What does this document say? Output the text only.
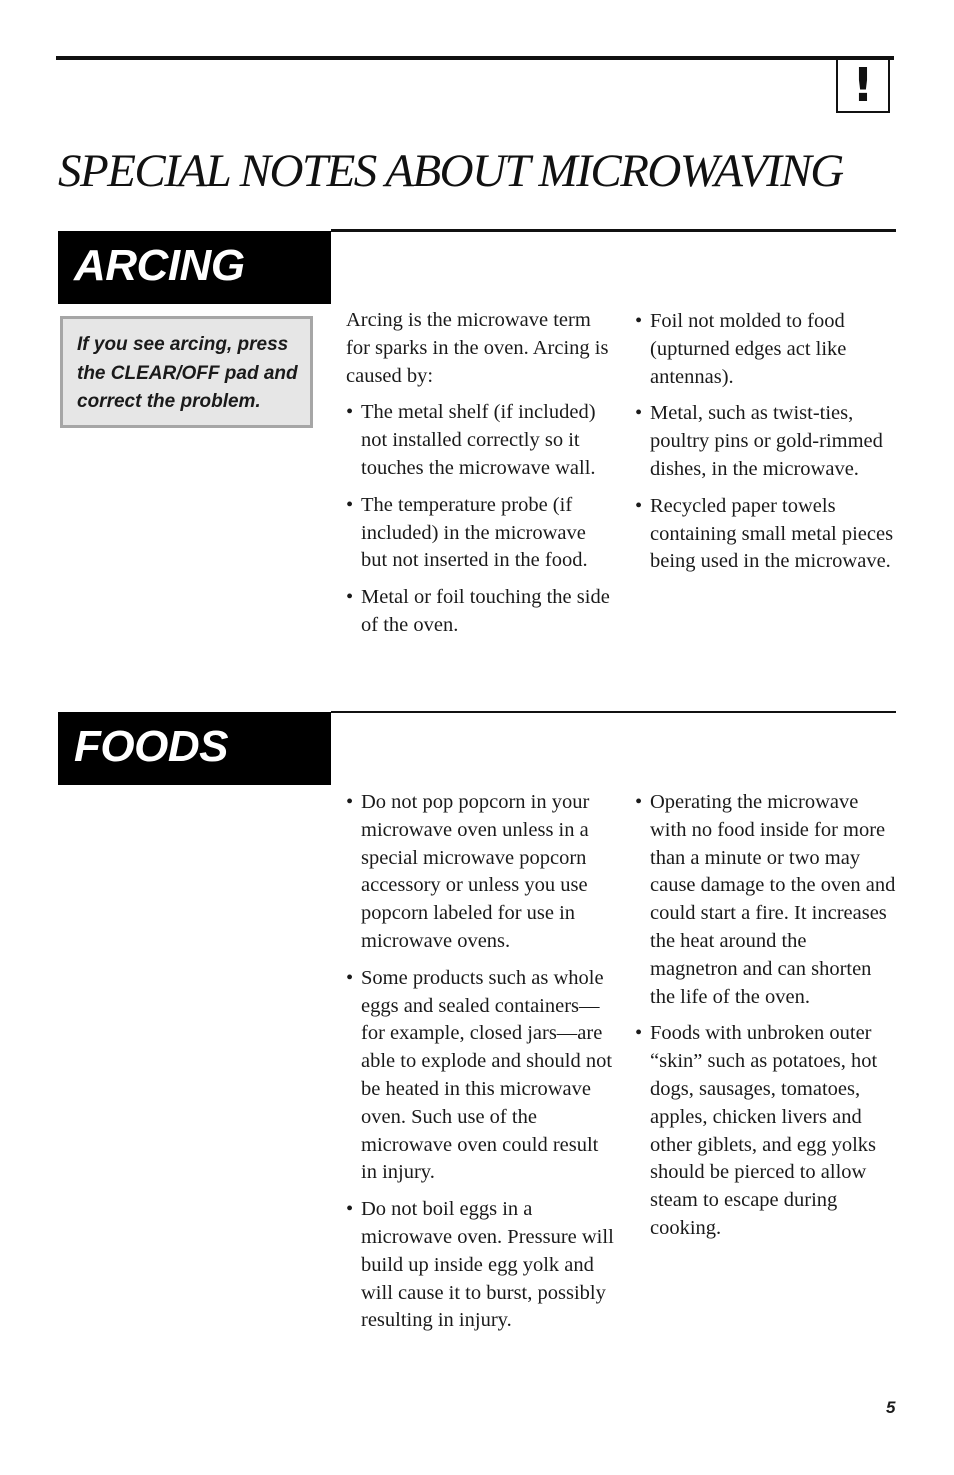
!
SPECIAL NOTES ABOUT MICROWAVING
ARCING

If you see arcing, press the CLEAR/OFF pad and correct the problem.

Arcing is the microwave term for sparks in the oven. Arcing is caused by:

• The metal shelf (if included) not installed correctly so it touches the microwave wall.
• The temperature probe (if included) in the microwave but not inserted in the food.
• Metal or foil touching the side of the oven.
• Foil not molded to food (upturned edges act like antennas).
• Metal, such as twist-ties, poultry pins or gold-rimmed dishes, in the microwave.
• Recycled paper towels containing small metal pieces being used in the microwave.
FOODS
• Do not pop popcorn in your microwave oven unless in a special microwave popcorn accessory or unless you use popcorn labeled for use in microwave ovens.
• Some products such as whole eggs and sealed containers—for example, closed jars—are able to explode and should not be heated in this microwave oven. Such use of the microwave oven could result in injury.
• Do not boil eggs in a microwave oven. Pressure will build up inside egg yolk and will cause it to burst, possibly resulting in injury.
• Operating the microwave with no food inside for more than a minute or two may cause damage to the oven and could start a fire. It increases the heat around the magnetron and can shorten the life of the oven.
• Foods with unbroken outer “skin” such as potatoes, hot dogs, sausages, tomatoes, apples, chicken livers and other giblets, and egg yolks should be pierced to allow steam to escape during cooking.
5
